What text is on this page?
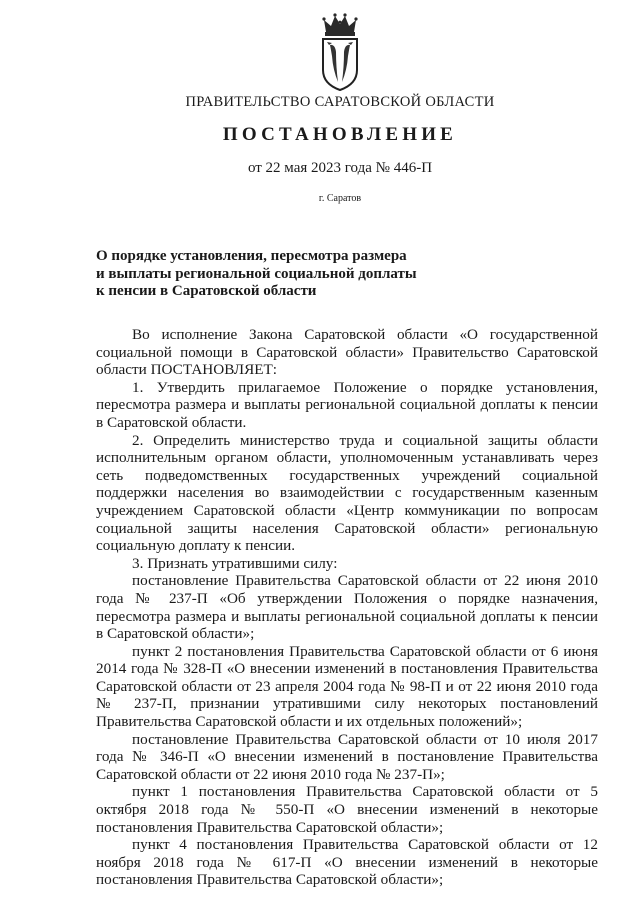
ПРАВИТЕЛЬСТВО САРАТОВСКОЙ ОБЛАСТИ
ПОСТАНОВЛЕНИЕ
от 22 мая 2023 года № 446-П
г. Саратов
О порядке установления, пересмотра размера
и выплаты региональной социальной доплаты
к пенсии в Саратовской области

Во исполнение Закона Саратовской области «О государственной социальной помощи в Саратовской области» Правительство Саратовской области ПОСТАНОВЛЯЕТ:

1. Утвердить прилагаемое Положение о порядке установления, пересмотра размера и выплаты региональной социальной доплаты к пенсии в Саратовской области.

2. Определить министерство труда и социальной защиты области исполнительным органом области, уполномоченным устанавливать через сеть подведомственных государственных учреждений социальной поддержки населения во взаимодействии с государственным казенным учреждением Саратовской области «Центр коммуникации по вопросам социальной защиты населения Саратовской области» региональную социальную доплату к пенсии.

3. Признать утратившими силу:

постановление Правительства Саратовской области от 22 июня 2010 года № 237-П «Об утверждении Положения о порядке назначения, пересмотра размера и выплаты региональной социальной доплаты к пенсии в Саратовской области»;

пункт 2 постановления Правительства Саратовской области от 6 июня 2014 года № 328-П «О внесении изменений в постановления Правительства Саратовской области от 23 апреля 2004 года № 98-П и от 22 июня 2010 года № 237-П, признании утратившими силу некоторых постановлений Правительства Саратовской области и их отдельных положений»;

постановление Правительства Саратовской области от 10 июля 2017 года № 346-П «О внесении изменений в постановление Правительства Саратовской области от 22 июня 2010 года № 237-П»;

пункт 1 постановления Правительства Саратовской области от 5 октября 2018 года № 550-П «О внесении изменений в некоторые постановления Правительства Саратовской области»;

пункт 4 постановления Правительства Саратовской области от 12 ноября 2018 года № 617-П «О внесении изменений в некоторые постановления Правительства Саратовской области»;
